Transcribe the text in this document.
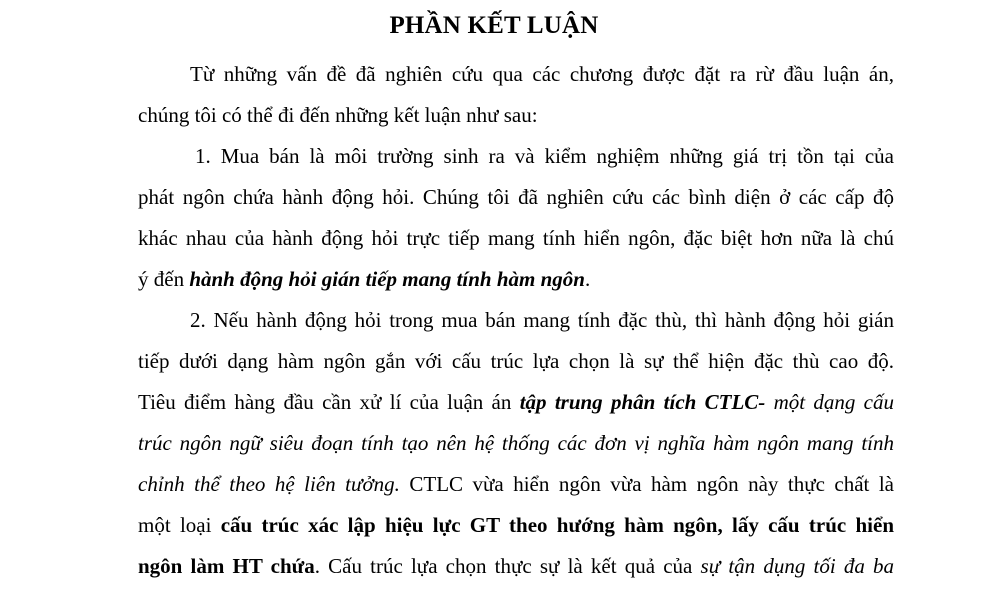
PHẦN KẾT LUẬN
Từ những vấn đề đã nghiên cứu qua các chương được đặt ra rừ đầu luận án,
chúng tôi có thể đi đến những kết luận như sau:
1. Mua bán là môi trường sinh ra và kiểm nghiệm những giá trị tồn tại của
phát ngôn chứa hành động hỏi. Chúng tôi đã nghiên cứu các bình diện ở các cấp độ
khác nhau của hành động hỏi trực tiếp mang tính hiển ngôn, đặc biệt hơn nữa là chú
ý đến hành động hỏi gián tiếp mang tính hàm ngôn.
2. Nếu hành động hỏi trong mua bán mang tính đặc thù, thì hành động hỏi gián
tiếp dưới dạng hàm ngôn gắn với cấu trúc lựa chọn là sự thể hiện đặc thù cao độ.
Tiêu điểm hàng đầu cần xử lí của luận án tập trung phân tích CTLC- một dạng cấu
trúc ngôn ngữ siêu đoạn tính tạo nên hệ thống các đơn vị nghĩa hàm ngôn mang tính
chỉnh thể theo hệ liên tưởng. CTLC vừa hiển ngôn vừa hàm ngôn này thực chất là
một loại cấu trúc xác lập hiệu lực GT theo hướng hàm ngôn, lấy cấu trúc hiển
ngôn làm HT chứa. Cấu trúc lựa chọn thực sự là kết quả của sự tận dụng tối đa ba
